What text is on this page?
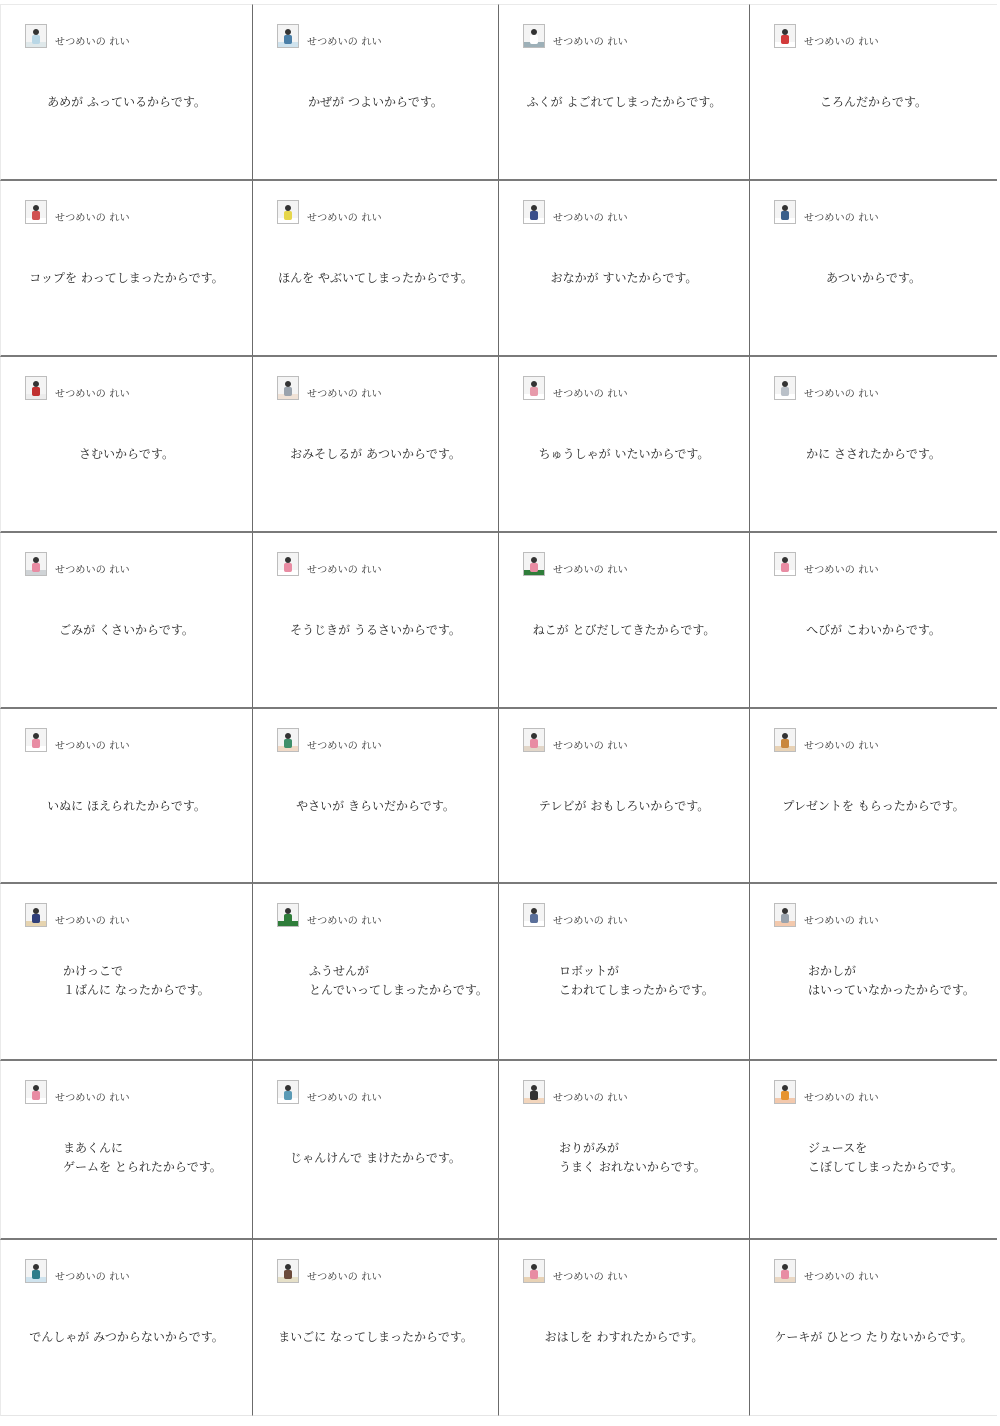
せつめいの れい
あめが ふっているからです。
せつめいの れい
かぜが つよいからです。
せつめいの れい
ふくが よごれてしまったからです。
せつめいの れい
ころんだからです。
せつめいの れい
コップを わってしまったからです。
せつめいの れい
ほんを やぶいてしまったからです。
せつめいの れい
おなかが すいたからです。
せつめいの れい
あついからです。
せつめいの れい
さむいからです。
せつめいの れい
おみそしるが あついからです。
せつめいの れい
ちゅうしゃが いたいからです。
せつめいの れい
かに さされたからです。
せつめいの れい
ごみが くさいからです。
せつめいの れい
そうじきが うるさいからです。
せつめいの れい
ねこが とびだしてきたからです。
せつめいの れい
へびが こわいからです。
せつめいの れい
いぬに ほえられたからです。
せつめいの れい
やさいが きらいだからです。
せつめいの れい
テレビが おもしろいからです。
せつめいの れい
プレゼントを もらったからです。
せつめいの れい
かけっこで
１ばんに なったからです。
せつめいの れい
ふうせんが
とんでいってしまったからです。
せつめいの れい
ロボットが
こわれてしまったからです。
せつめいの れい
おかしが
はいっていなかったからです。
せつめいの れい
まあくんに
ゲームを とられたからです。
せつめいの れい
じゃんけんで まけたからです。
せつめいの れい
おりがみが
うまく おれないからです。
せつめいの れい
ジュースを
こぼしてしまったからです。
せつめいの れい
でんしゃが みつからないからです。
せつめいの れい
まいごに なってしまったからです。
せつめいの れい
おはしを わすれたからです。
せつめいの れい
ケーキが ひとつ たりないからです。
